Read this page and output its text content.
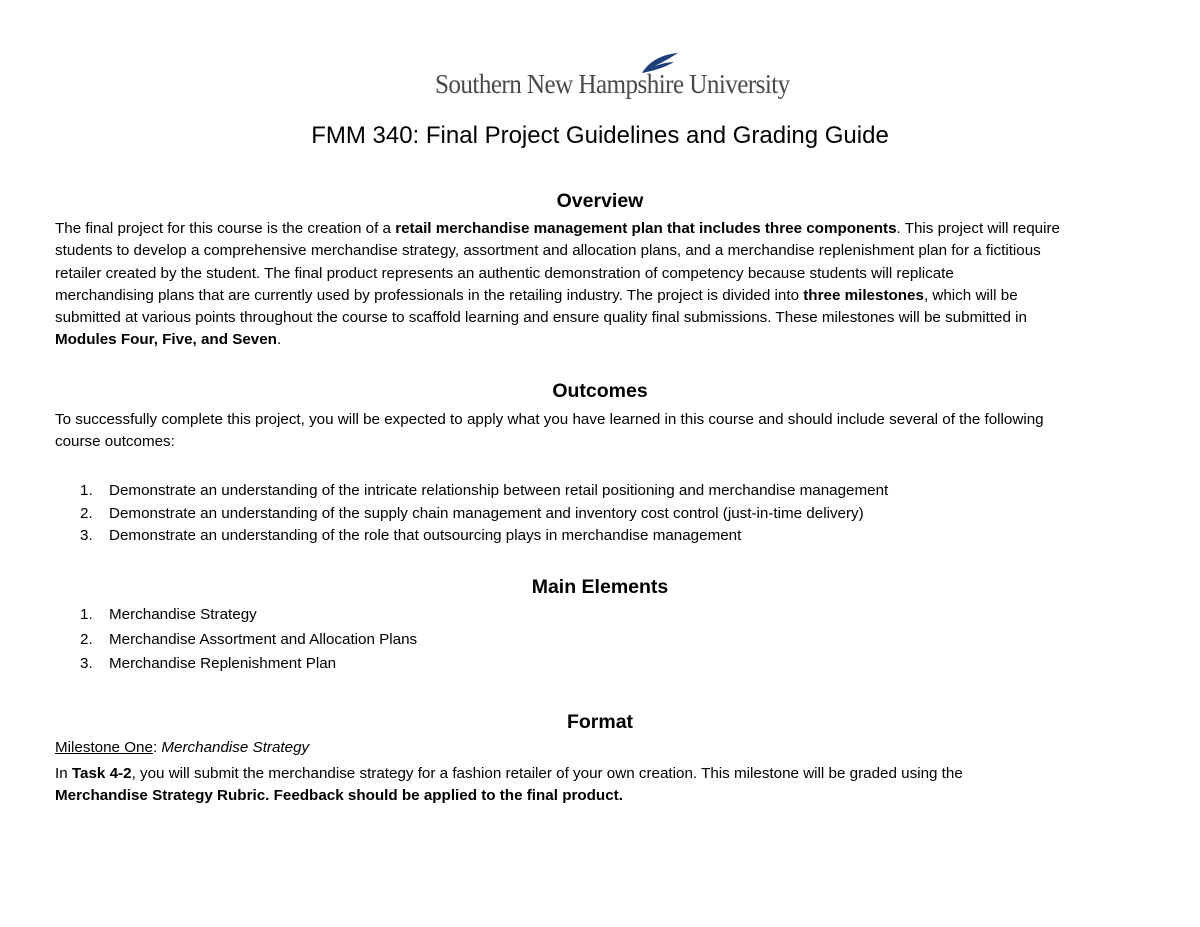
Southern New Hampshire University
FMM 340: Final Project Guidelines and Grading Guide
Overview
The final project for this course is the creation of a retail merchandise management plan that includes three components. This project will require
students to develop a comprehensive merchandise strategy, assortment and allocation plans, and a merchandise replenishment plan for a fictitious
retailer created by the student. The final product represents an authentic demonstration of competency because students will replicate
merchandising plans that are currently used by professionals in the retailing industry. The project is divided into three milestones, which will be
submitted at various points throughout the course to scaffold learning and ensure quality final submissions. These milestones will be submitted in
Modules Four, Five, and Seven.
Outcomes
To successfully complete this project, you will be expected to apply what you have learned in this course and should include several of the following
course outcomes:
1. Demonstrate an understanding of the intricate relationship between retail positioning and merchandise management
2. Demonstrate an understanding of the supply chain management and inventory cost control (just-in-time delivery)
3. Demonstrate an understanding of the role that outsourcing plays in merchandise management
Main Elements
1. Merchandise Strategy
2. Merchandise Assortment and Allocation Plans
3. Merchandise Replenishment Plan
Format
Milestone One: Merchandise Strategy
In Task 4-2, you will submit the merchandise strategy for a fashion retailer of your own creation. This milestone will be graded using the
Merchandise Strategy Rubric. Feedback should be applied to the final product.
